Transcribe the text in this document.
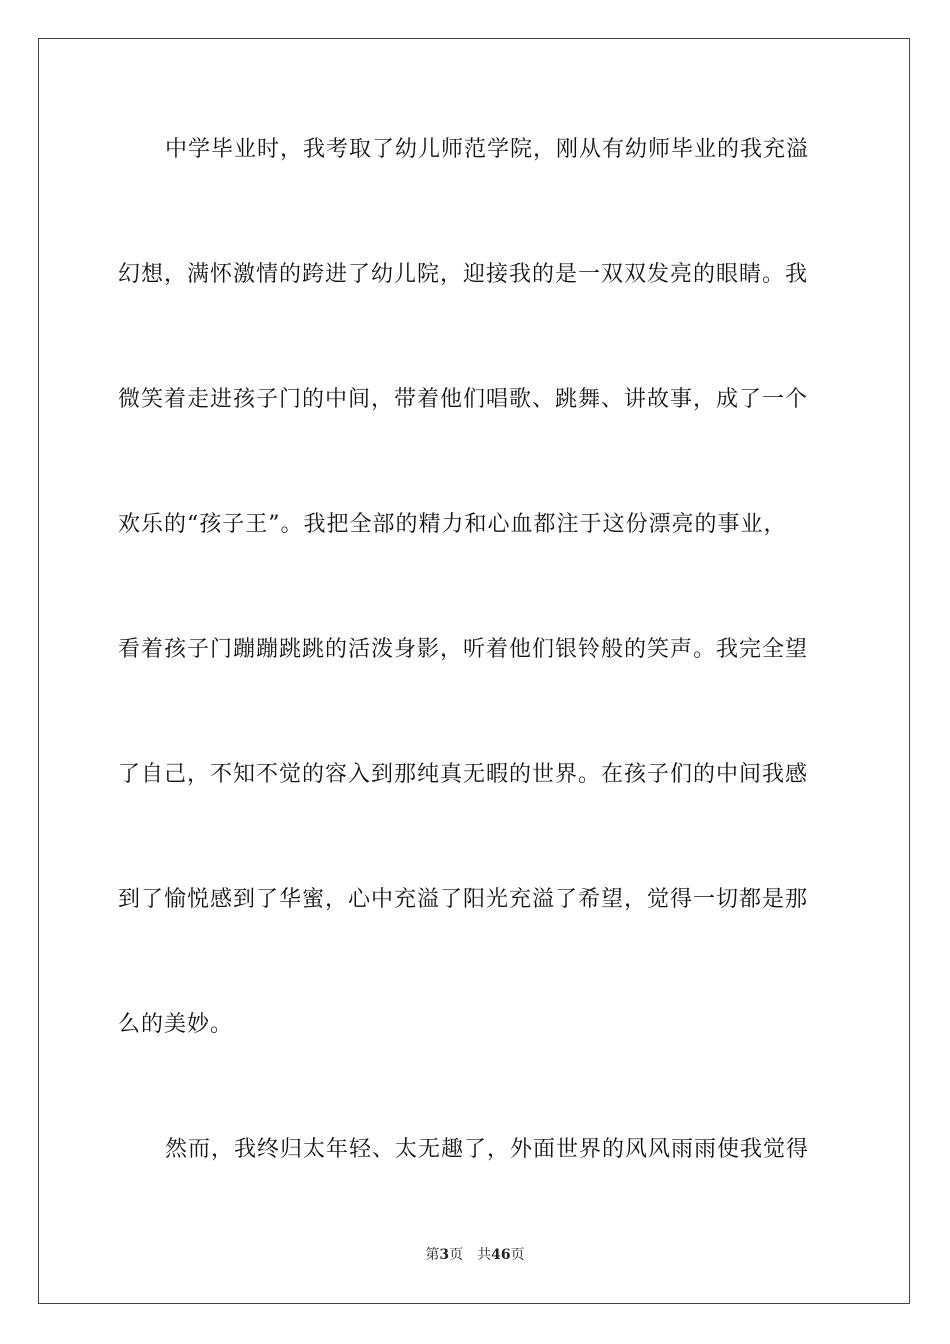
中学毕业时，我考取了幼儿师范学院，刚从有幼师毕业的我充溢
幻想，满怀激情的跨进了幼儿院，迎接我的是一双双发亮的眼睛。我
微笑着走进孩子门的中间，带着他们唱歌、跳舞、讲故事，成了一个
欢乐的“孩子王”。我把全部的精力和心血都注于这份漂亮的事业，
看着孩子门蹦蹦跳跳的活泼身影，听着他们银铃般的笑声。我完全望
了自己，不知不觉的容入到那纯真无暇的世界。在孩子们的中间我感
到了愉悦感到了华蜜，心中充溢了阳光充溢了希望，觉得一切都是那
么的美妙。
然而，我终归太年轻、太无趣了，外面世界的风风雨雨使我觉得
第3页 共46页
